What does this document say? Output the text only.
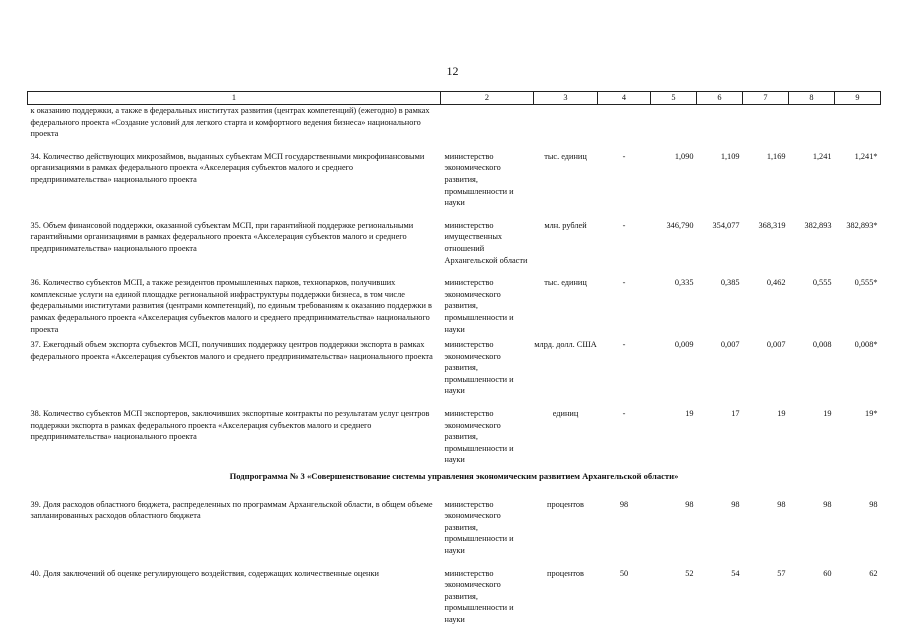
12
1	2	3	4	5	6	7	8	9
к оказанию поддержки, а также в федеральных институтах развития (центрах компетенций) (ежегодно) в рамках федерального проекта «Создание условий для легкого старта и комфортного ведения бизнеса» национального проекта								

34. Количество действующих микрозаймов, выданных субъектам МСП государственными микрофинансовыми организациями в рамках федерального проекта «Акселерация субъектов малого и среднего предпринимательства» национального проекта	министерство экономического развития, промышленности и науки	тыс. единиц	-	1,090	1,109	1,169	1,241	1,241*

35. Объем финансовой поддержки, оказанной субъектам МСП, при гарантийной поддержке региональными гарантийными организациями в рамках федерального проекта «Акселерация субъектов малого и среднего предпринимательства» национального проекта	министерство имущественных отношений Архангельской области	млн. рублей	-	346,790	354,077	368,319	382,893	382,893*

36. Количество субъектов МСП, а также резидентов промышленных парков, технопарков, получивших комплексные услуги на единой площадке региональной инфраструктуры поддержки бизнеса, в том числе федеральными институтами развития (центрами компетенций), по единым требованиям к оказанию поддержки в рамках федерального проекта «Акселерация субъектов малого и среднего предпринимательства» национального проекта	министерство экономического развития, промышленности и науки	тыс. единиц	-	0,335	0,385	0,462	0,555	0,555*

37. Ежегодный объем экспорта субъектов МСП, получивших поддержку центров поддержки экспорта в рамках федерального проекта «Акселерация субъектов малого и среднего предпринимательства» национального проекта	министерство экономического развития, промышленности и науки	млрд. долл. США	-	0,009	0,007	0,007	0,008	0,008*

38. Количество субъектов МСП экспортеров, заключивших экспортные контракты по результатам услуг центров поддержки экспорта в рамках федерального проекта «Акселерация субъектов малого и среднего предпринимательства» национального проекта	министерство экономического развития, промышленности и науки	единиц	-	19	17	19	19	19*

Подпрограмма № 3 «Совершенствование системы управления экономическим развитием Архангельской области»								

39. Доля расходов областного бюджета, распределенных по программам Архангельской области, в общем объеме запланированных расходов областного бюджета	министерство экономического развития, промышленности и науки	процентов	98	98	98	98	98	98

40. Доля заключений об оценке регулирующего воздействия, содержащих количественные оценки	министерство экономического развития, промышленности и науки	процентов	50	52	54	57	60	62
